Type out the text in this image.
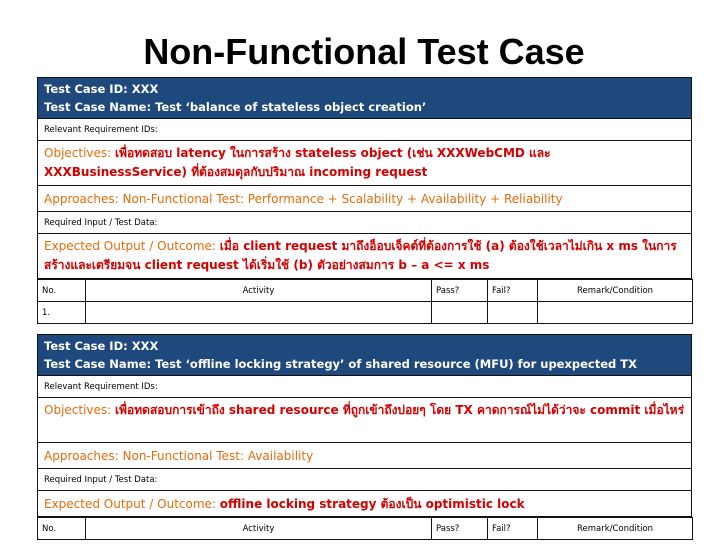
Non-Functional Test Case
Test Case ID: XXX
Test Case Name: Test ‘balance of stateless object creation’
Relevant Requirement IDs:
Objectives: เพื่อทดสอบ latency ในการสร้าง stateless object (เช่น XXXWebCMD และ XXXBusinessService) ที่ต้องสมดุลกับปริมาณ incoming request
Approaches: Non-Functional Test: Performance + Scalability + Availability + Reliability
Required Input / Test Data:
Expected Output / Outcome: เมื่อ client request มาถึงอ็อบเจ็คต์ที่ต้องการใช้ (a) ต้องใช้เวลาไม่เกิน x ms ในการสร้างและเตรียมจน client request ได้เริ่มใช้ (b) ตัวอย่างสมการ b – a <= x ms
No.	Activity	Pass?	Fail?	Remark/Condition
1.				
Test Case ID: XXX
Test Case Name: Test ‘offline locking strategy’ of shared resource (MFU) for upexpected TX
Relevant Requirement IDs:
Objectives: เพื่อทดสอบการเข้าถึง shared resource ที่ถูกเข้าถึงบ่อยๆ โดย TX คาดการณ์ไม่ได้ว่าจะ commit เมื่อไหร่
Approaches: Non-Functional Test: Availability
Required Input / Test Data:
Expected Output / Outcome: offline locking strategy ต้องเป็น optimistic lock
No.	Activity	Pass?	Fail?	Remark/Condition
